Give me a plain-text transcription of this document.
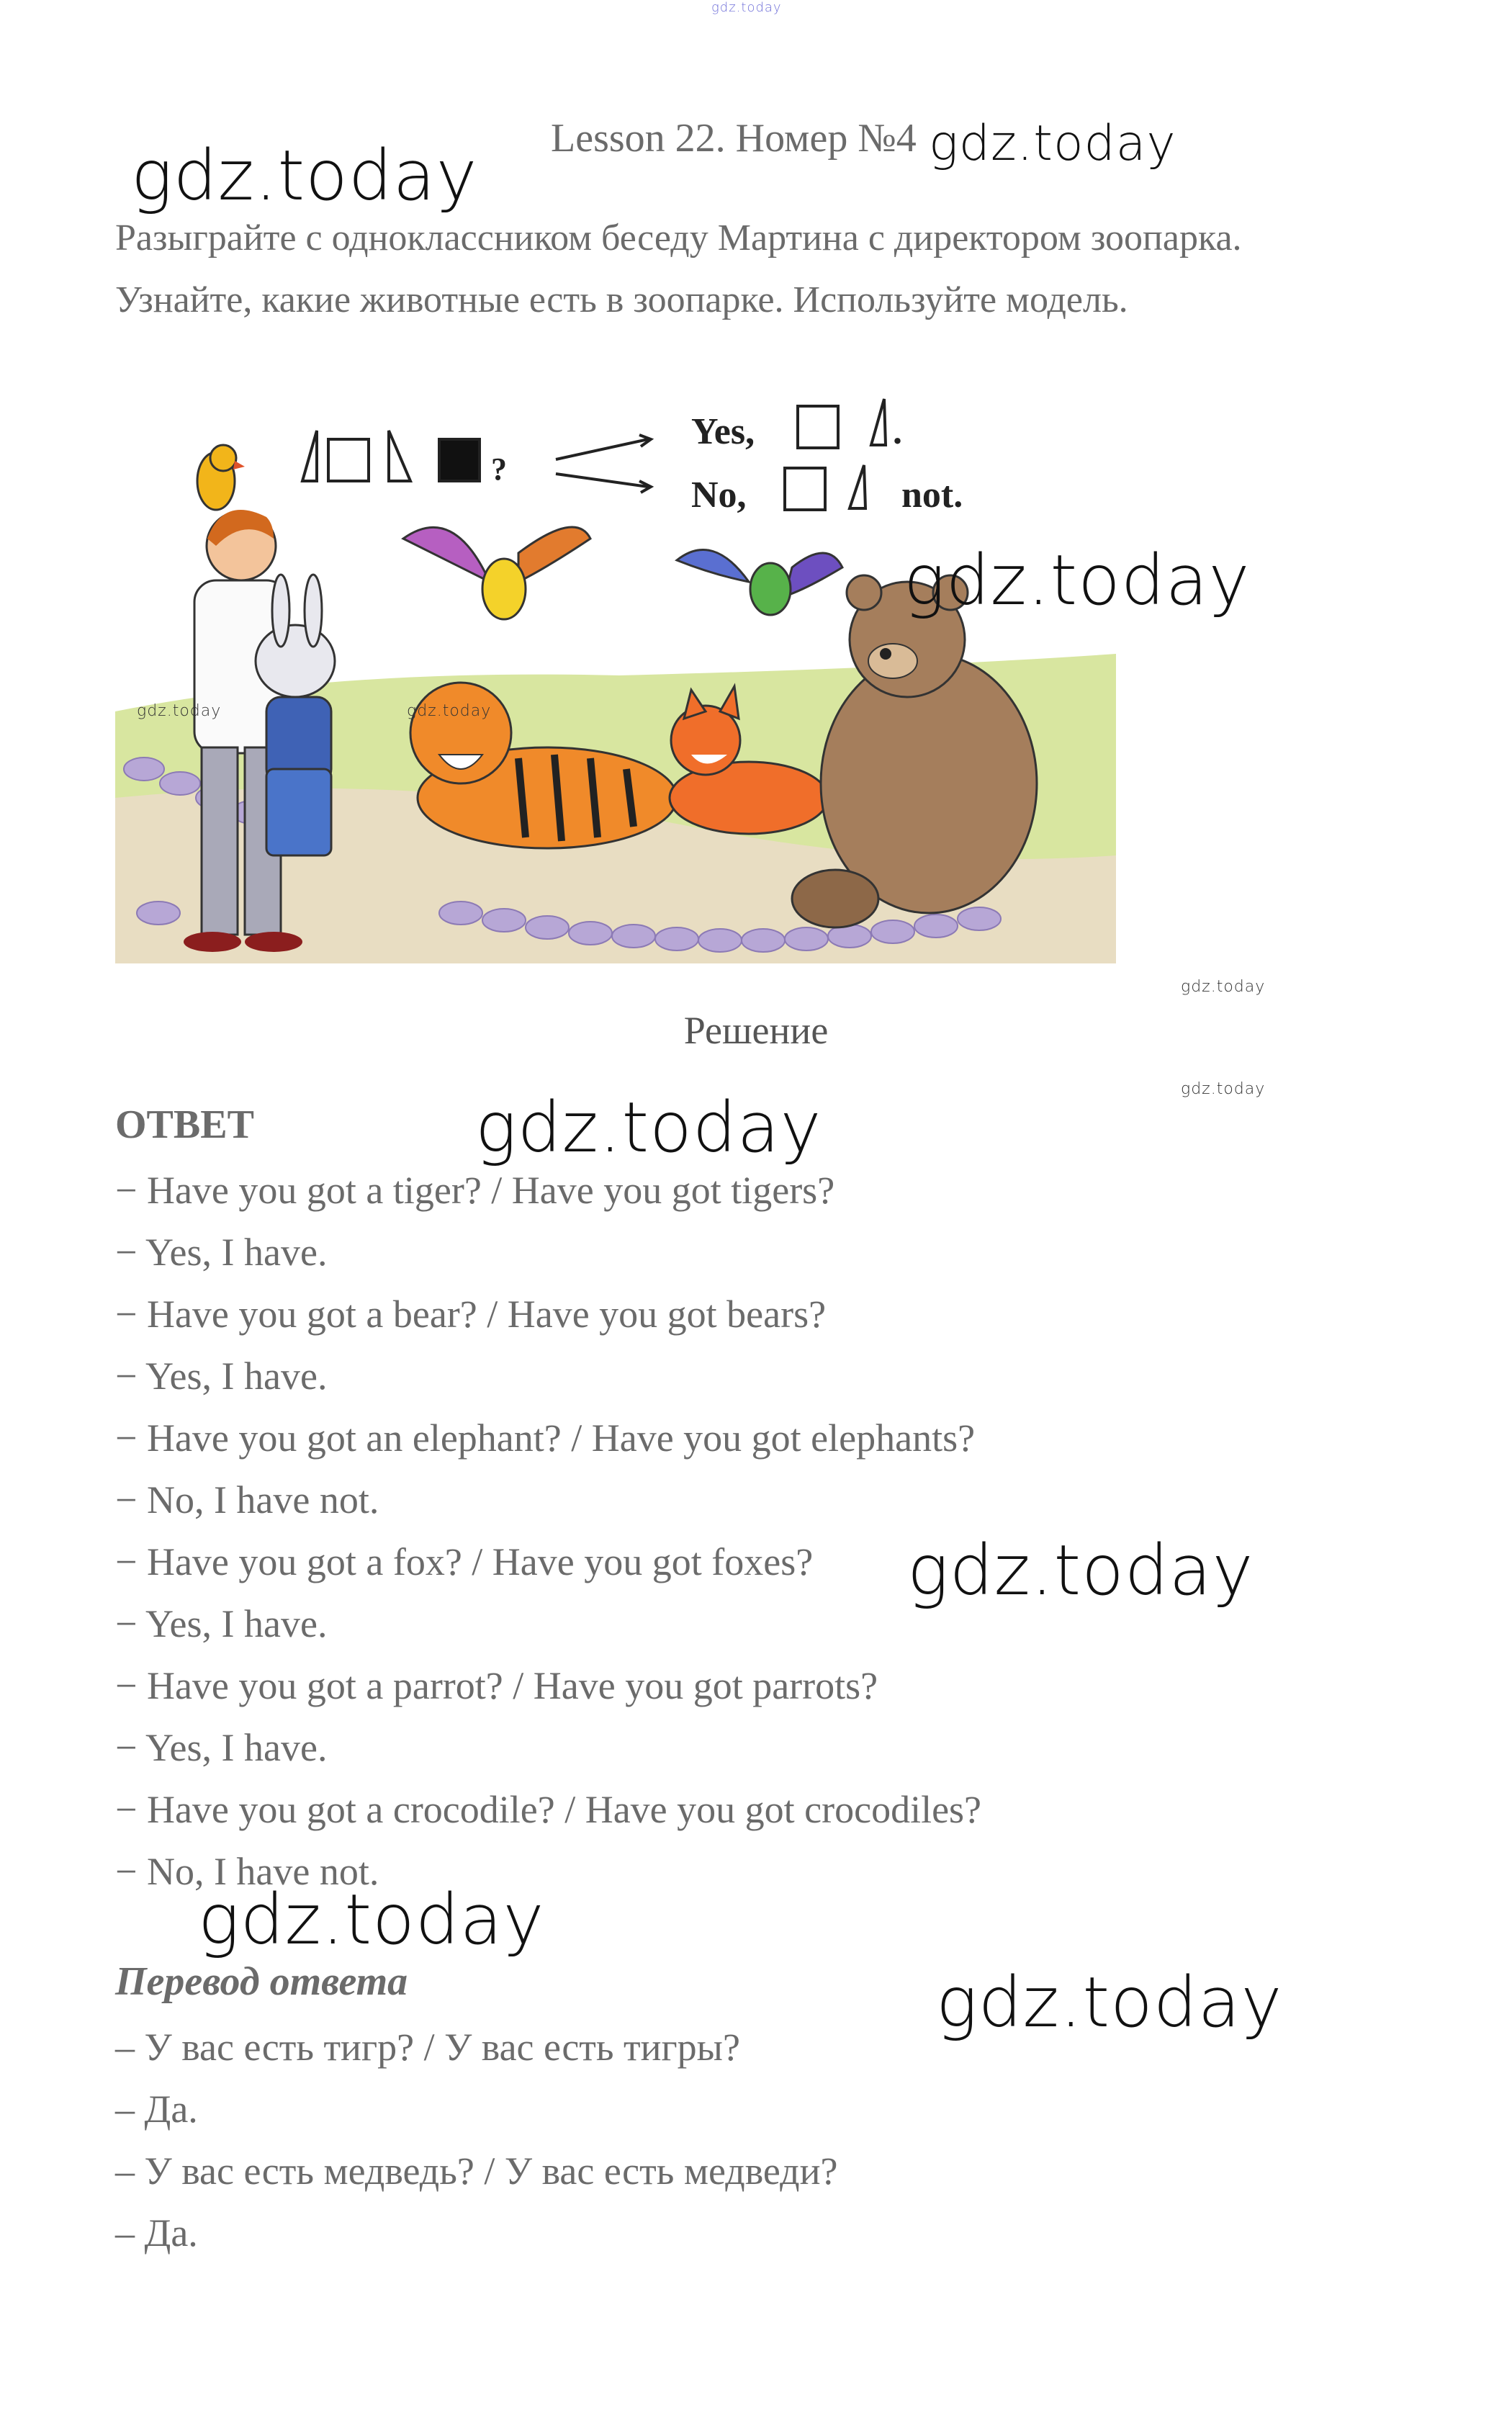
gdz.today
Lesson 22. Номер №4
gdz.today	gdz.today
Разыграйте с одноклассником беседу Мартина с директором зоопарка. Узнайте, какие животные есть в зоопарке. Используйте модель.
?
Yes,	.
No,	not.
gdz.today	gdz.today
gdz.today
gdz.today
gdz.today
Решение
ОТВЕТ	gdz.today
− Have you got a tiger? / Have you got tigers?
− Yes, I have.
− Have you got a bear? / Have you got bears?
− Yes, I have.
− Have you got an elephant? / Have you got elephants?
− No, I have not.
− Have you got a fox? / Have you got foxes?
− Yes, I have.
− Have you got a parrot? / Have you got parrots?
− Yes, I have.
− Have you got a crocodile? / Have you got crocodiles?
− No, I have not.
gdz.today
gdz.today
gdz.today
Перевод ответа
– У вас есть тигр? / У вас есть тигры?
– Да.
– У вас есть медведь? / У вас есть медведи?
– Да.
